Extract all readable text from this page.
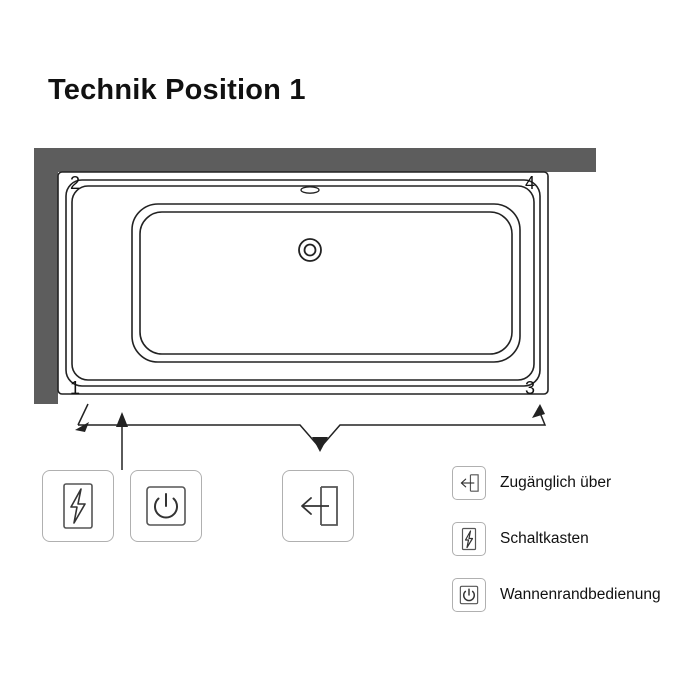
Technik Position 1
1
2
3
4
Zugänglich über
Schaltkasten
Wannenrandbedienung
